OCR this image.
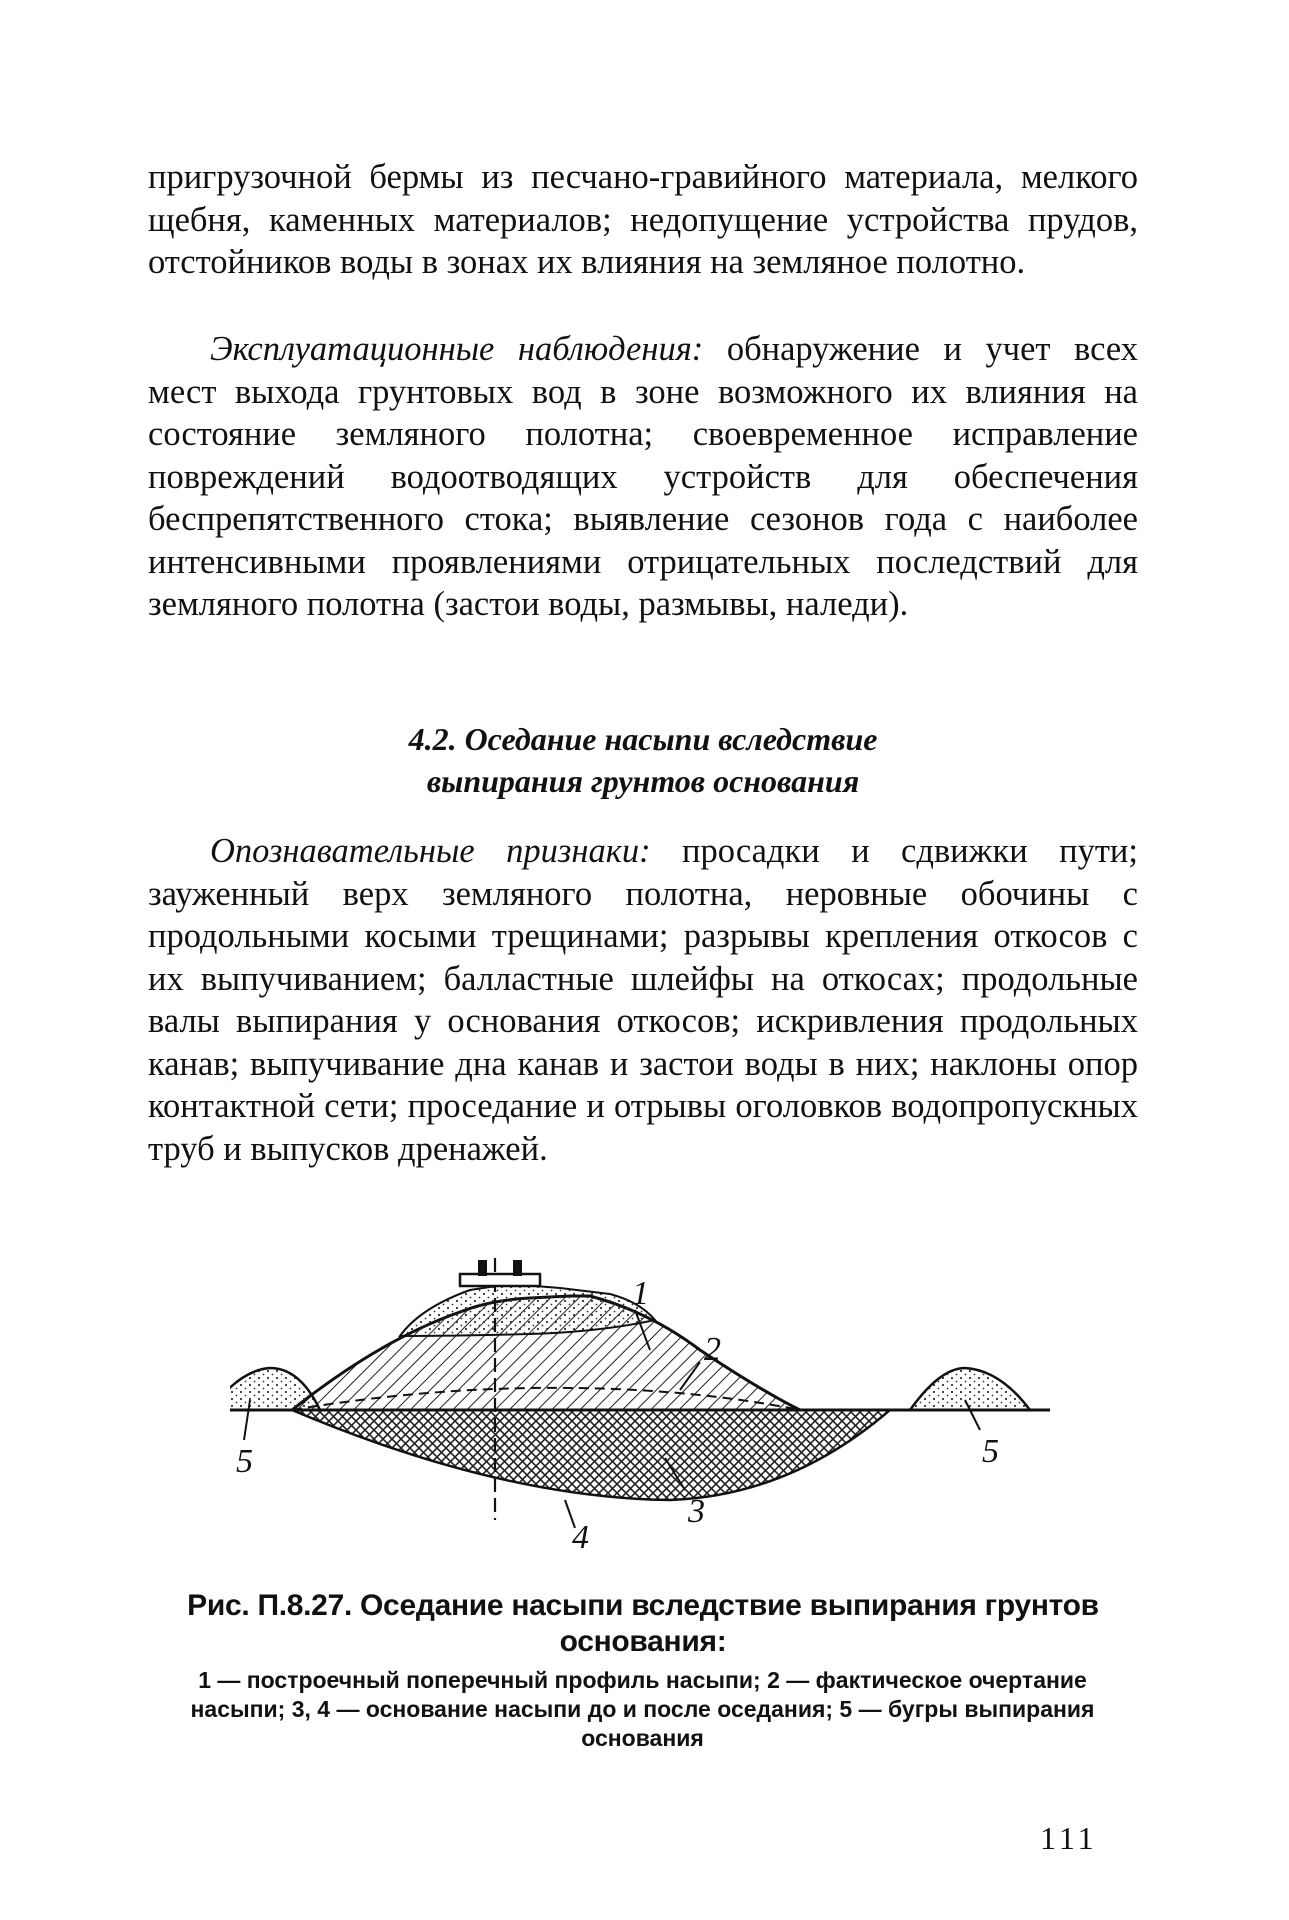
пригрузочной бермы из песчано-гравийного материала, мелкого щебня, каменных материалов; недопущение устройства прудов, отстойников воды в зонах их влияния на земляное полотно.
Эксплуатационные наблюдения: обнаружение и учет всех мест выхода грунтовых вод в зоне возможного их влияния на состояние земляного полотна; своевременное исправление повреждений водоотводящих устройств для обеспечения беспрепятственного стока; выявление сезонов года с наиболее интенсивными проявлениями отрицательных последствий для земляного полотна (застои воды, размывы, наледи).
4.2. Оседание насыпи вследствие
выпирания грунтов основания
Опознавательные признаки: просадки и сдвижки пути; зауженный верх земляного полотна, неровные обочины с продольными косыми трещинами; разрывы крепления откосов с их выпучиванием; балластные шлейфы на откосах; продольные валы выпирания у основания откосов; искривления продольных канав; выпучивание дна канав и застои воды в них; наклоны опор контактной сети; проседание и отрывы оголовков водопропускных труб и выпусков дренажей.
1
2
3
4
5	5
Рис. П.8.27. Оседание насыпи вследствие выпирания грунтов
основания:
1 — построечный поперечный профиль насыпи; 2 — фактическое очертание насыпи; 3, 4 — основание насыпи до и после оседания; 5 — бугры выпирания основания
111
